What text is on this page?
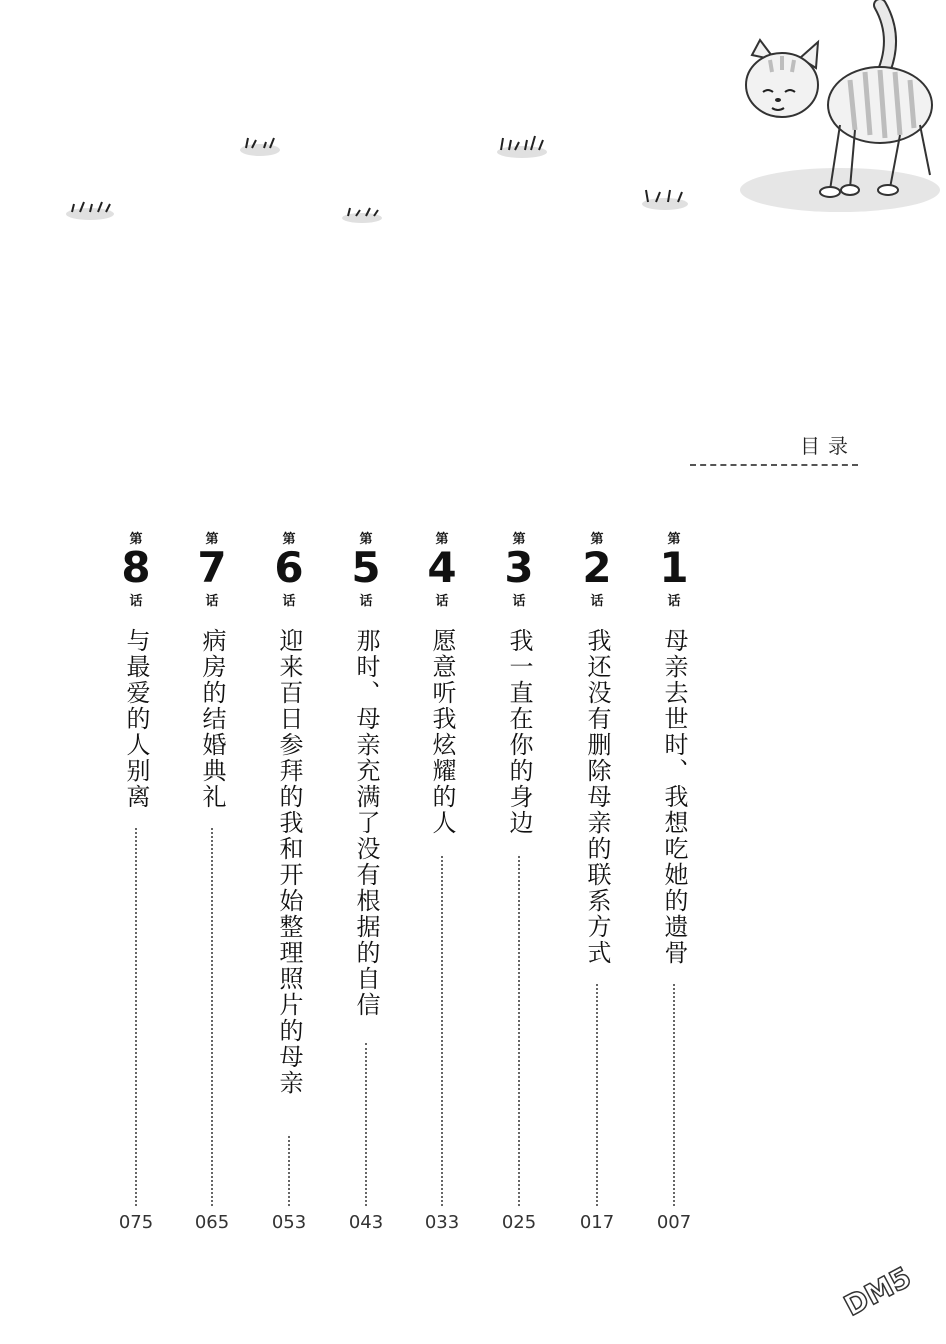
目录
第
1
话
母亲去世时、我想吃她的遗骨
007
第
2
话
我还没有删除母亲的联系方式
017
第
3
话
我一直在你的身边
025
第
4
话
愿意听我炫耀的人
033
第
5
话
那时、母亲充满了没有根据的自信
043
第
6
话
迎来百日参拜的我和开始整理照片的母亲
053
第
7
话
病房的结婚典礼
065
第
8
话
与最爱的人别离
075
DM5
